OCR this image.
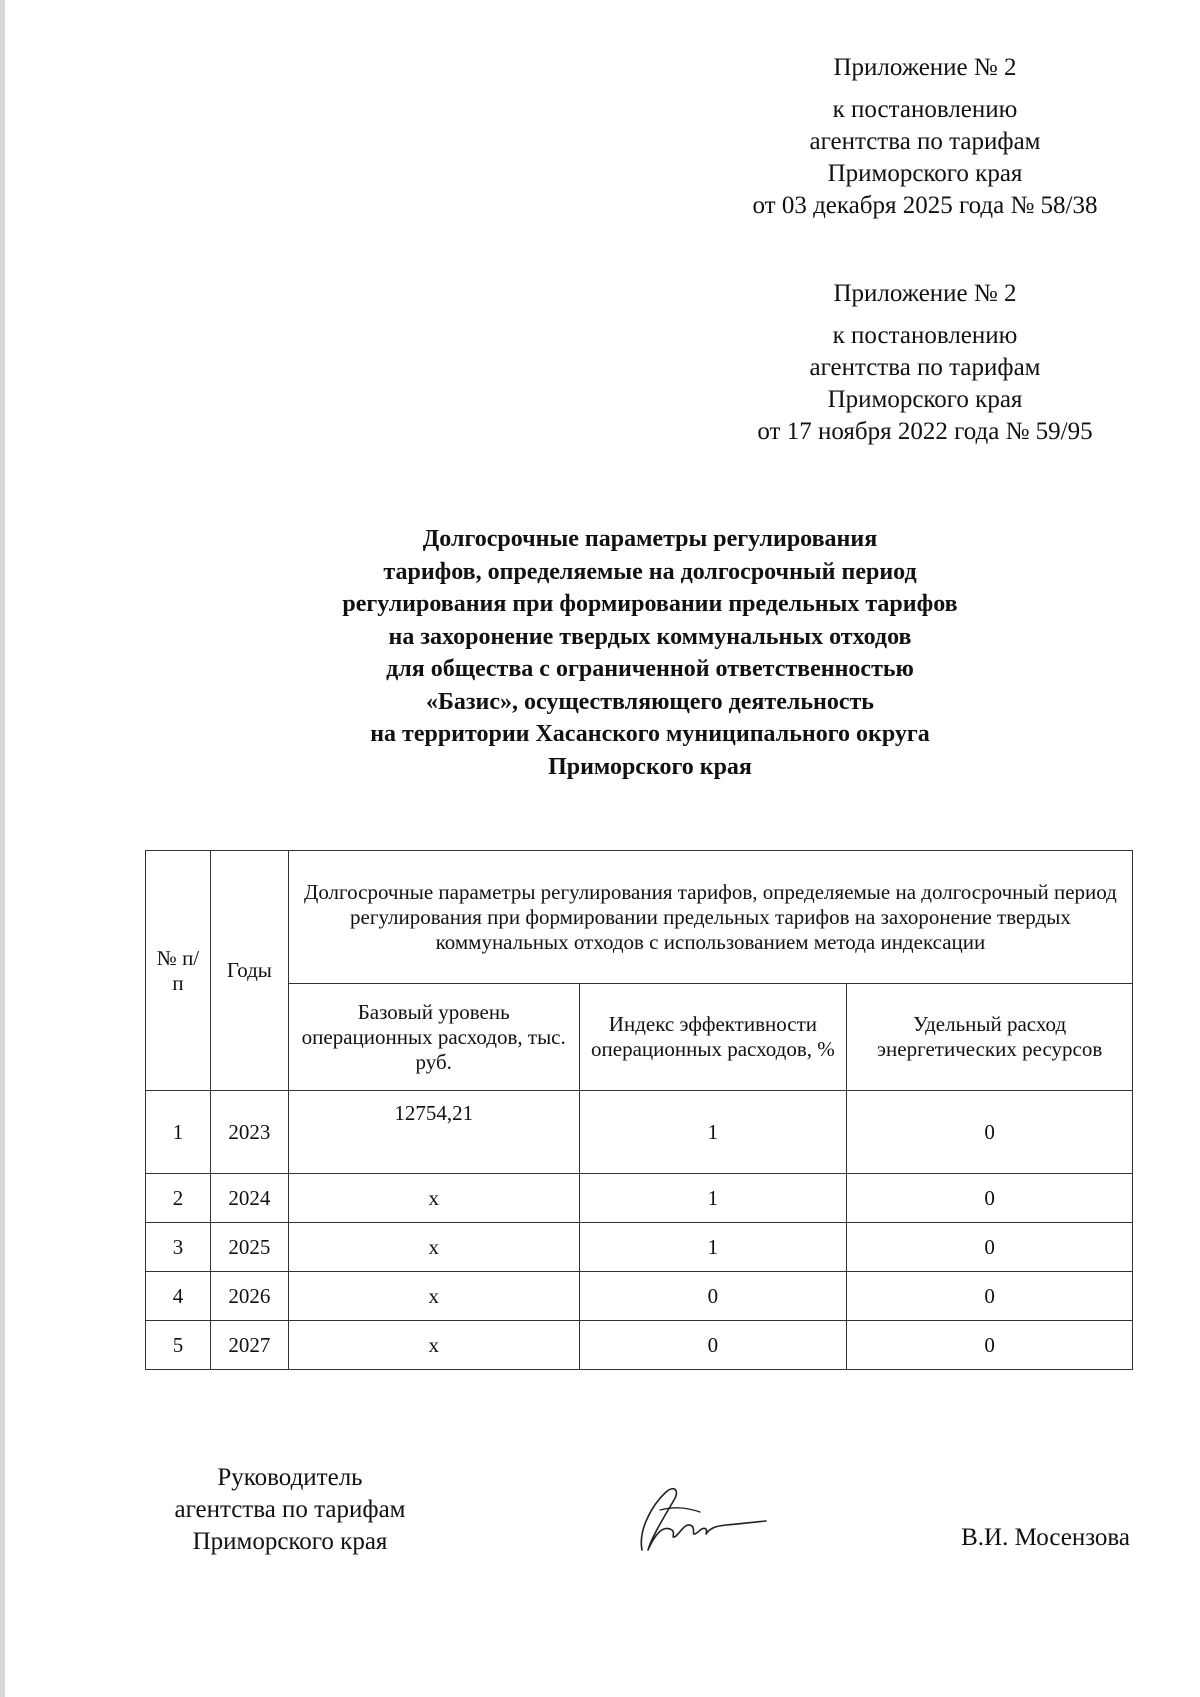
Приложение № 2
к постановлению
агентства по тарифам
Приморского края
от 03 декабря 2025 года № 58/38
Приложение № 2
к постановлению
агентства по тарифам
Приморского края
от 17 ноября 2022 года № 59/95
Долгосрочные параметры регулирования
тарифов, определяемые на долгосрочный период
регулирования при формировании предельных тарифов
на захоронение твердых коммунальных отходов
для общества с ограниченной ответственностью
«Базис», осуществляющего деятельность
на территории Хасанского муниципального округа
Приморского края
№ п/п	Годы	Долгосрочные параметры регулирования тарифов, определяемые на долгосрочный период регулирования при формировании предельных тарифов на захоронение твердых коммунальных отходов с использованием метода индексации		
		Базовый уровень операционных расходов, тыс. руб.	Индекс эффективности операционных расходов, %	Удельный расход энергетических ресурсов
1	2023	12754,21	1	0
2	2024	х	1	0
3	2025	х	1	0
4	2026	х	0	0
5	2027	х	0	0
Руководитель
агентства по тарифам
Приморского края	В.И. Мосензова
